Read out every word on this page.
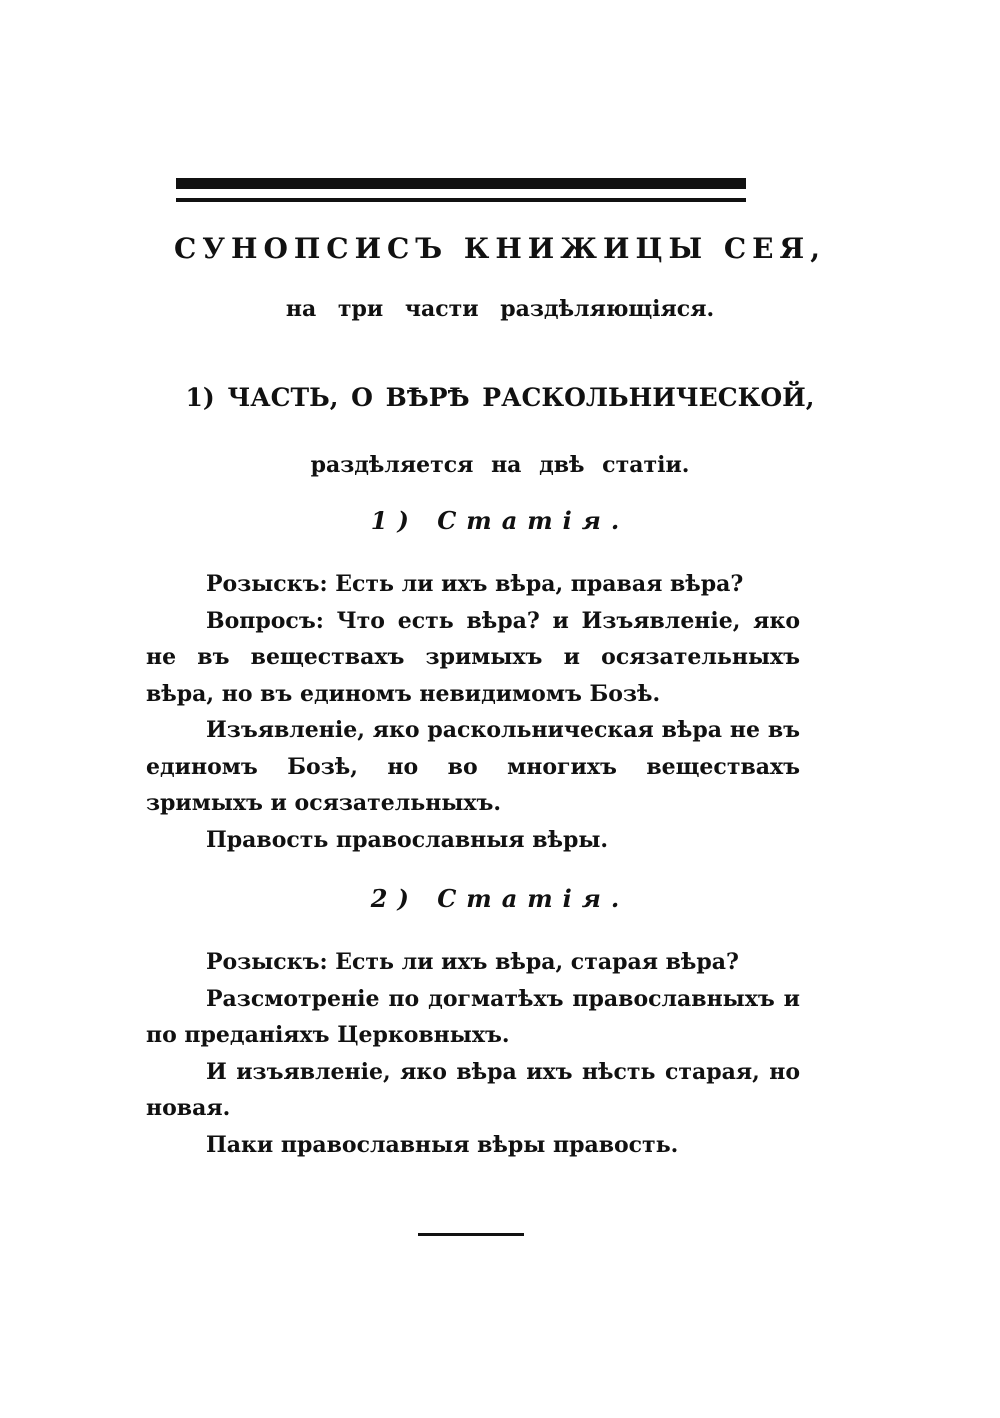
СУНОПСИСЪ КНИЖИЦЫ СЕЯ,
на три части раздѣляющіяся.
1) ЧАСТЬ, О ВѢРѢ РАСКОЛЬНИЧЕСКОЙ,
раздѣляется на двѣ статіи.
1) Статія.

Розыскъ: Есть ли ихъ вѣра, правая вѣра?

Вопросъ: Что есть вѣра? и Изъявленіе, яко не въ веществахъ зримыхъ и осязательныхъ вѣра, но въ единомъ невидимомъ Бозѣ.

Изъявленіе, яко раскольническая вѣра не въ единомъ Бозѣ, но во многихъ веществахъ зримыхъ и осязательныхъ.

Правость православныя вѣры.

2) Статія.

Розыскъ: Есть ли ихъ вѣра, старая вѣра?

Разсмотреніе по догматѣхъ православныхъ и по преданіяхъ Церковныхъ.

И изъявленіе, яко вѣра ихъ нѣсть старая, но новая.

Паки православныя вѣры правость.
